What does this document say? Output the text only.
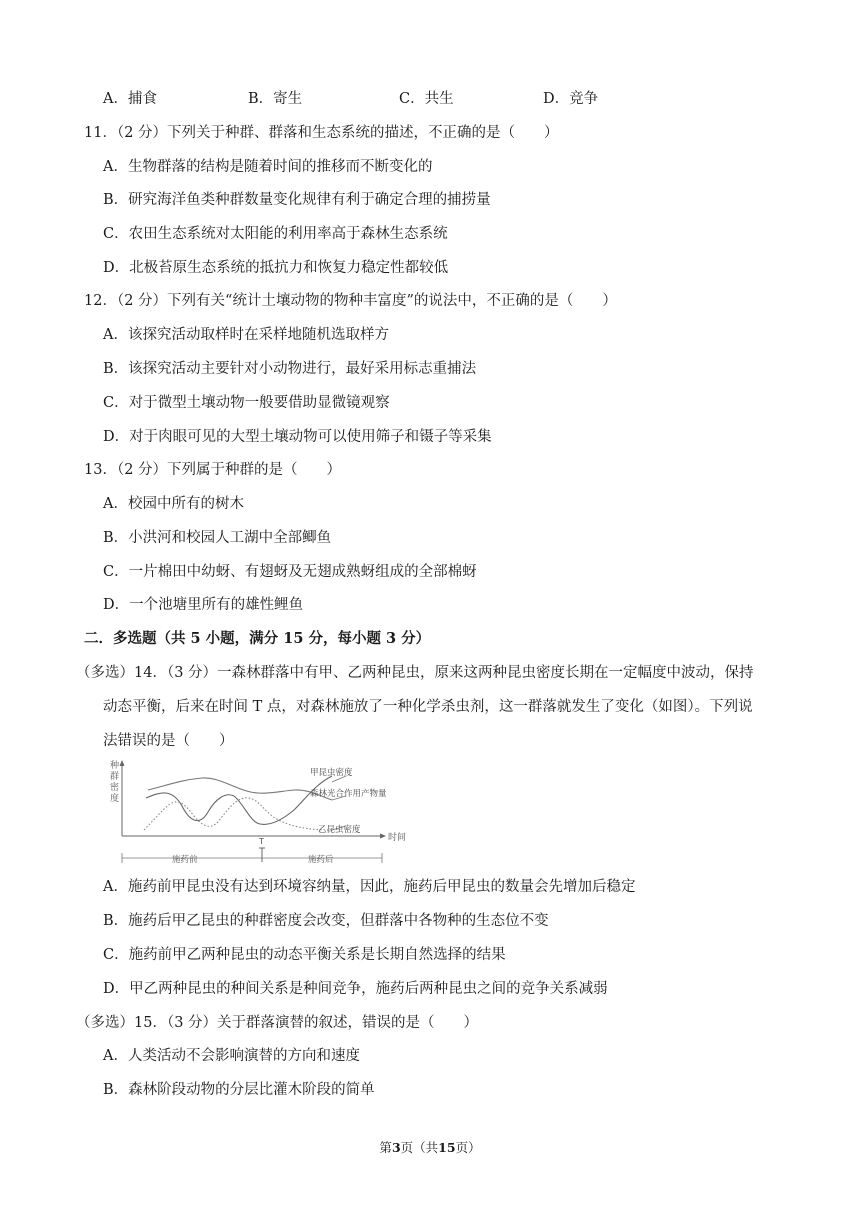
A．捕食	B．寄生	C．共生	D．竞争
11．（2 分）下列关于种群、群落和生态系统的描述，不正确的是（　　）
A．生物群落的结构是随着时间的推移而不断变化的
B．研究海洋鱼类种群数量变化规律有利于确定合理的捕捞量
C．农田生态系统对太阳能的利用率高于森林生态系统
D．北极苔原生态系统的抵抗力和恢复力稳定性都较低
12．（2 分）下列有关“统计土壤动物的物种丰富度”的说法中，不正确的是（　　）
A．该探究活动取样时在采样地随机选取样方
B．该探究活动主要针对小动物进行，最好采用标志重捕法
C．对于微型土壤动物一般要借助显微镜观察
D．对于肉眼可见的大型土壤动物可以使用筛子和镊子等采集
13．（2 分）下列属于种群的是（　　）
A．校园中所有的树木
B．小洪河和校园人工湖中全部鲫鱼
C．一片棉田中幼蚜、有翅蚜及无翅成熟蚜组成的全部棉蚜
D．一个池塘里所有的雄性鲤鱼
二．多选题（共 5 小题，满分 15 分，每小题 3 分）
（多选）14．（3 分）一森林群落中有甲、乙两种昆虫，原来这两种昆虫密度长期在一定幅度中波动，保持
动态平衡，后来在时间 T 点，对森林施放了一种化学杀虫剂，这一群落就发生了变化（如图）。下列说
法错误的是（　　）
种
群
密
度
时间
甲昆虫密度
森林光合作用产物量
乙昆虫密度
T
施药前	施药后
A．施药前甲昆虫没有达到环境容纳量，因此，施药后甲昆虫的数量会先增加后稳定
B．施药后甲乙昆虫的种群密度会改变，但群落中各物种的生态位不变
C．施药前甲乙两种昆虫的动态平衡关系是长期自然选择的结果
D．甲乙两种昆虫的种间关系是种间竞争，施药后两种昆虫之间的竞争关系减弱
（多选）15．（3 分）关于群落演替的叙述，错误的是（　　）
A．人类活动不会影响演替的方向和速度
B．森林阶段动物的分层比灌木阶段的简单
第3页（共15页）
